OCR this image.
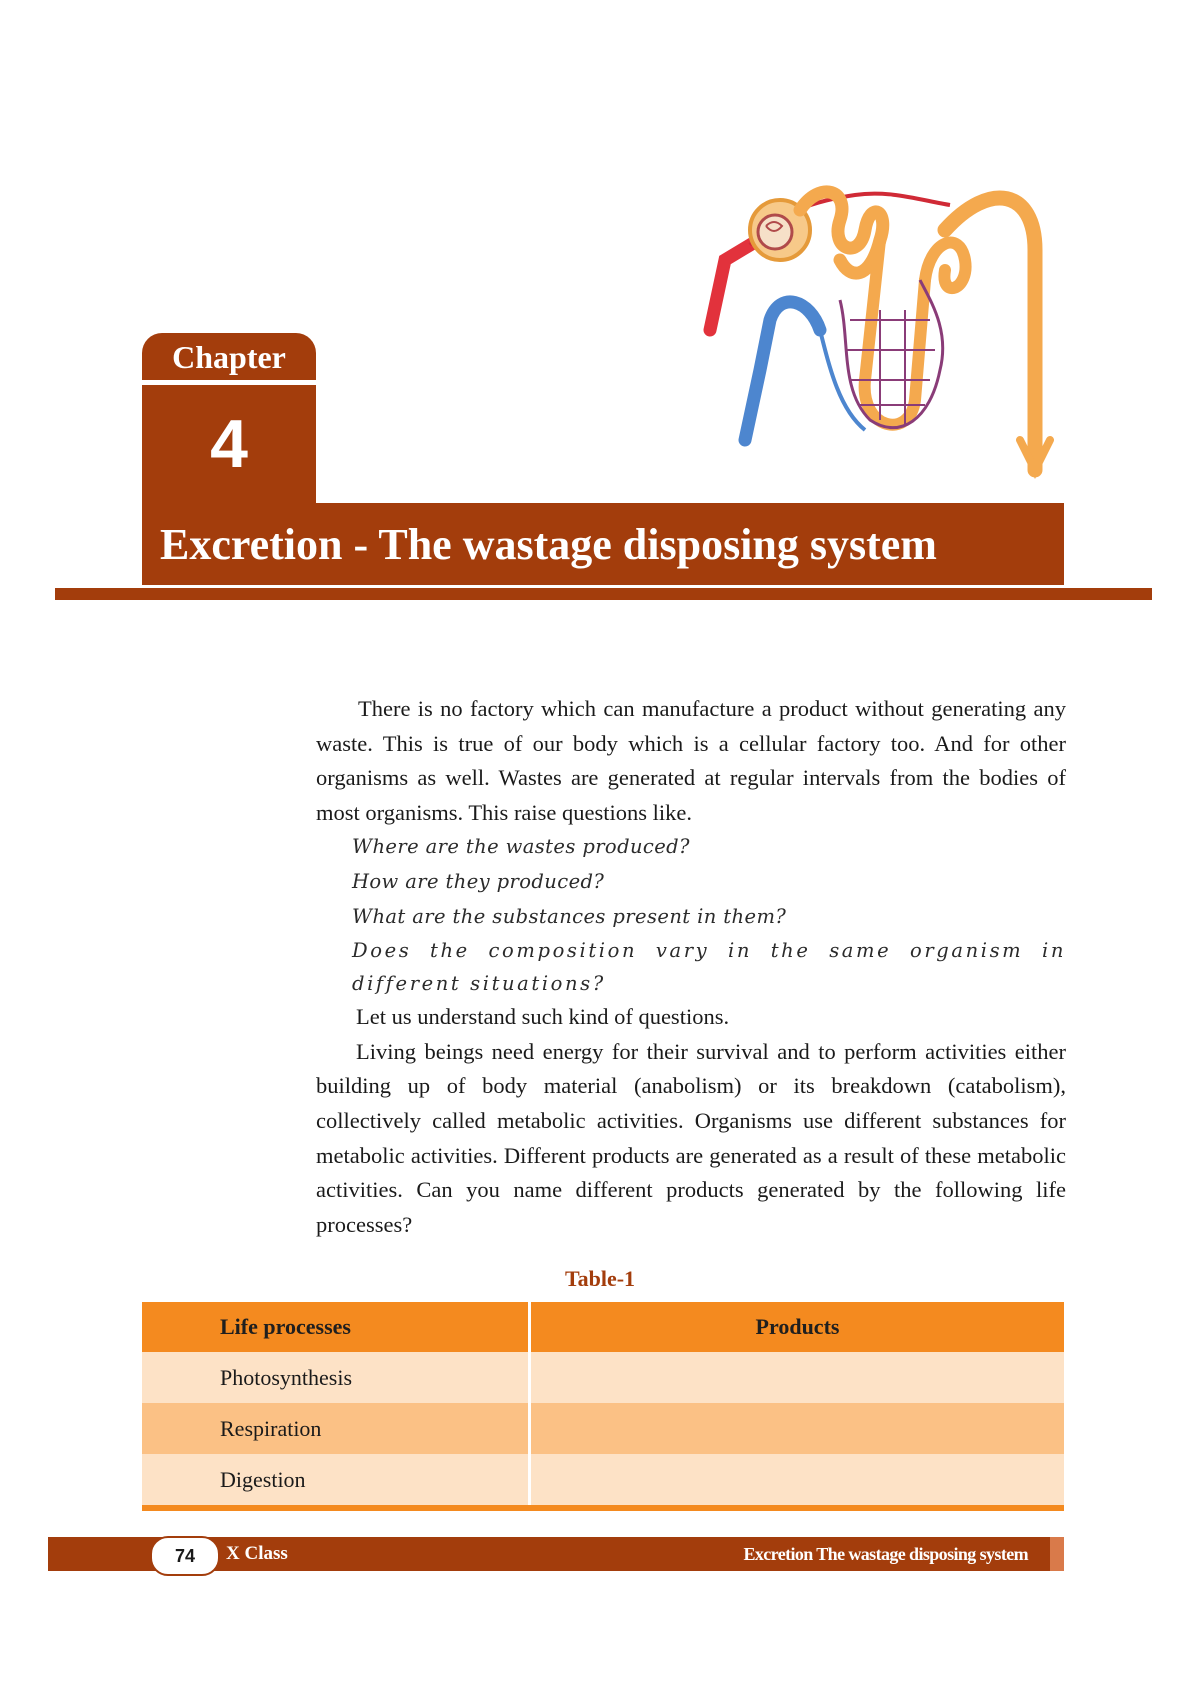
Chapter
4
Excretion - The wastage disposing system

There is no factory which can manufacture a product without generating any waste. This is true of our body which is a cellular factory too. And for other organisms as well. Wastes are generated at regular intervals from the bodies of most organisms. This raise questions like.

Where are the wastes produced?

How are they produced?

What are the substances present in them?

Does the composition vary in the same organism in different situations?

Let us understand such kind of questions.

Living beings need energy for their survival and to perform activities either building up of body material (anabolism) or its breakdown (catabolism), collectively called metabolic activities. Organisms use different substances for metabolic activities. Different products are generated as a result of these metabolic activities. Can you name different products generated by the following life processes?

Table-1
Life processes	Products
Photosynthesis	
Respiration	
Digestion	
74	X Class	Excretion The wastage disposing system
